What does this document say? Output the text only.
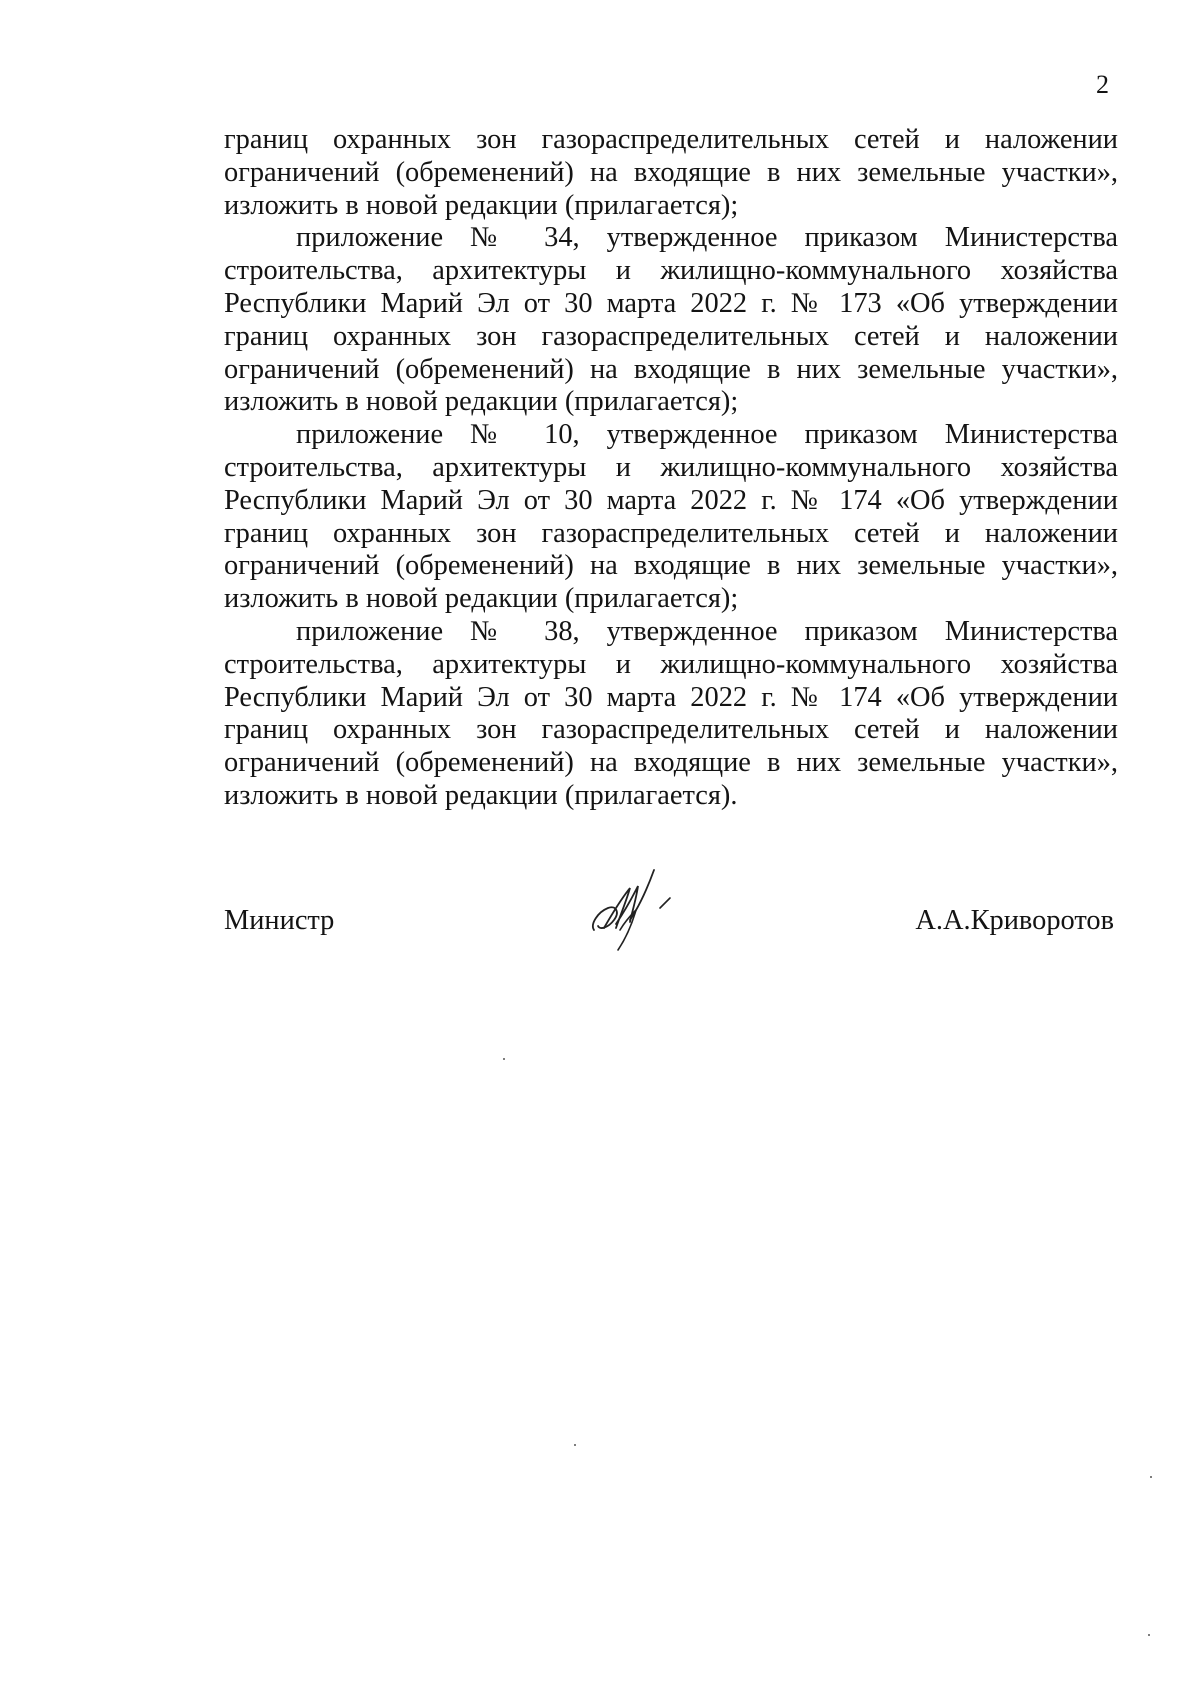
2

границ охранных зон газораспределительных сетей и наложении ограничений (обременений) на входящие в них земельные участки», изложить в новой редакции (прилагается);

приложение № 34, утвержденное приказом Министерства строительства, архитектуры и жилищно-коммунального хозяйства Республики Марий Эл от 30 марта 2022 г. № 173 «Об утверждении границ охранных зон газораспределительных сетей и наложении ограничений (обременений) на входящие в них земельные участки», изложить в новой редакции (прилагается);

приложение № 10, утвержденное приказом Министерства строительства, архитектуры и жилищно-коммунального хозяйства Республики Марий Эл от 30 марта 2022 г. № 174 «Об утверждении границ охранных зон газораспределительных сетей и наложении ограничений (обременений) на входящие в них земельные участки», изложить в новой редакции (прилагается);

приложение № 38, утвержденное приказом Министерства строительства, архитектуры и жилищно-коммунального хозяйства Республики Марий Эл от 30 марта 2022 г. № 174 «Об утверждении границ охранных зон газораспределительных сетей и наложении ограничений (обременений) на входящие в них земельные участки», изложить в новой редакции (прилагается).

Министр	А.А.Криворотов
